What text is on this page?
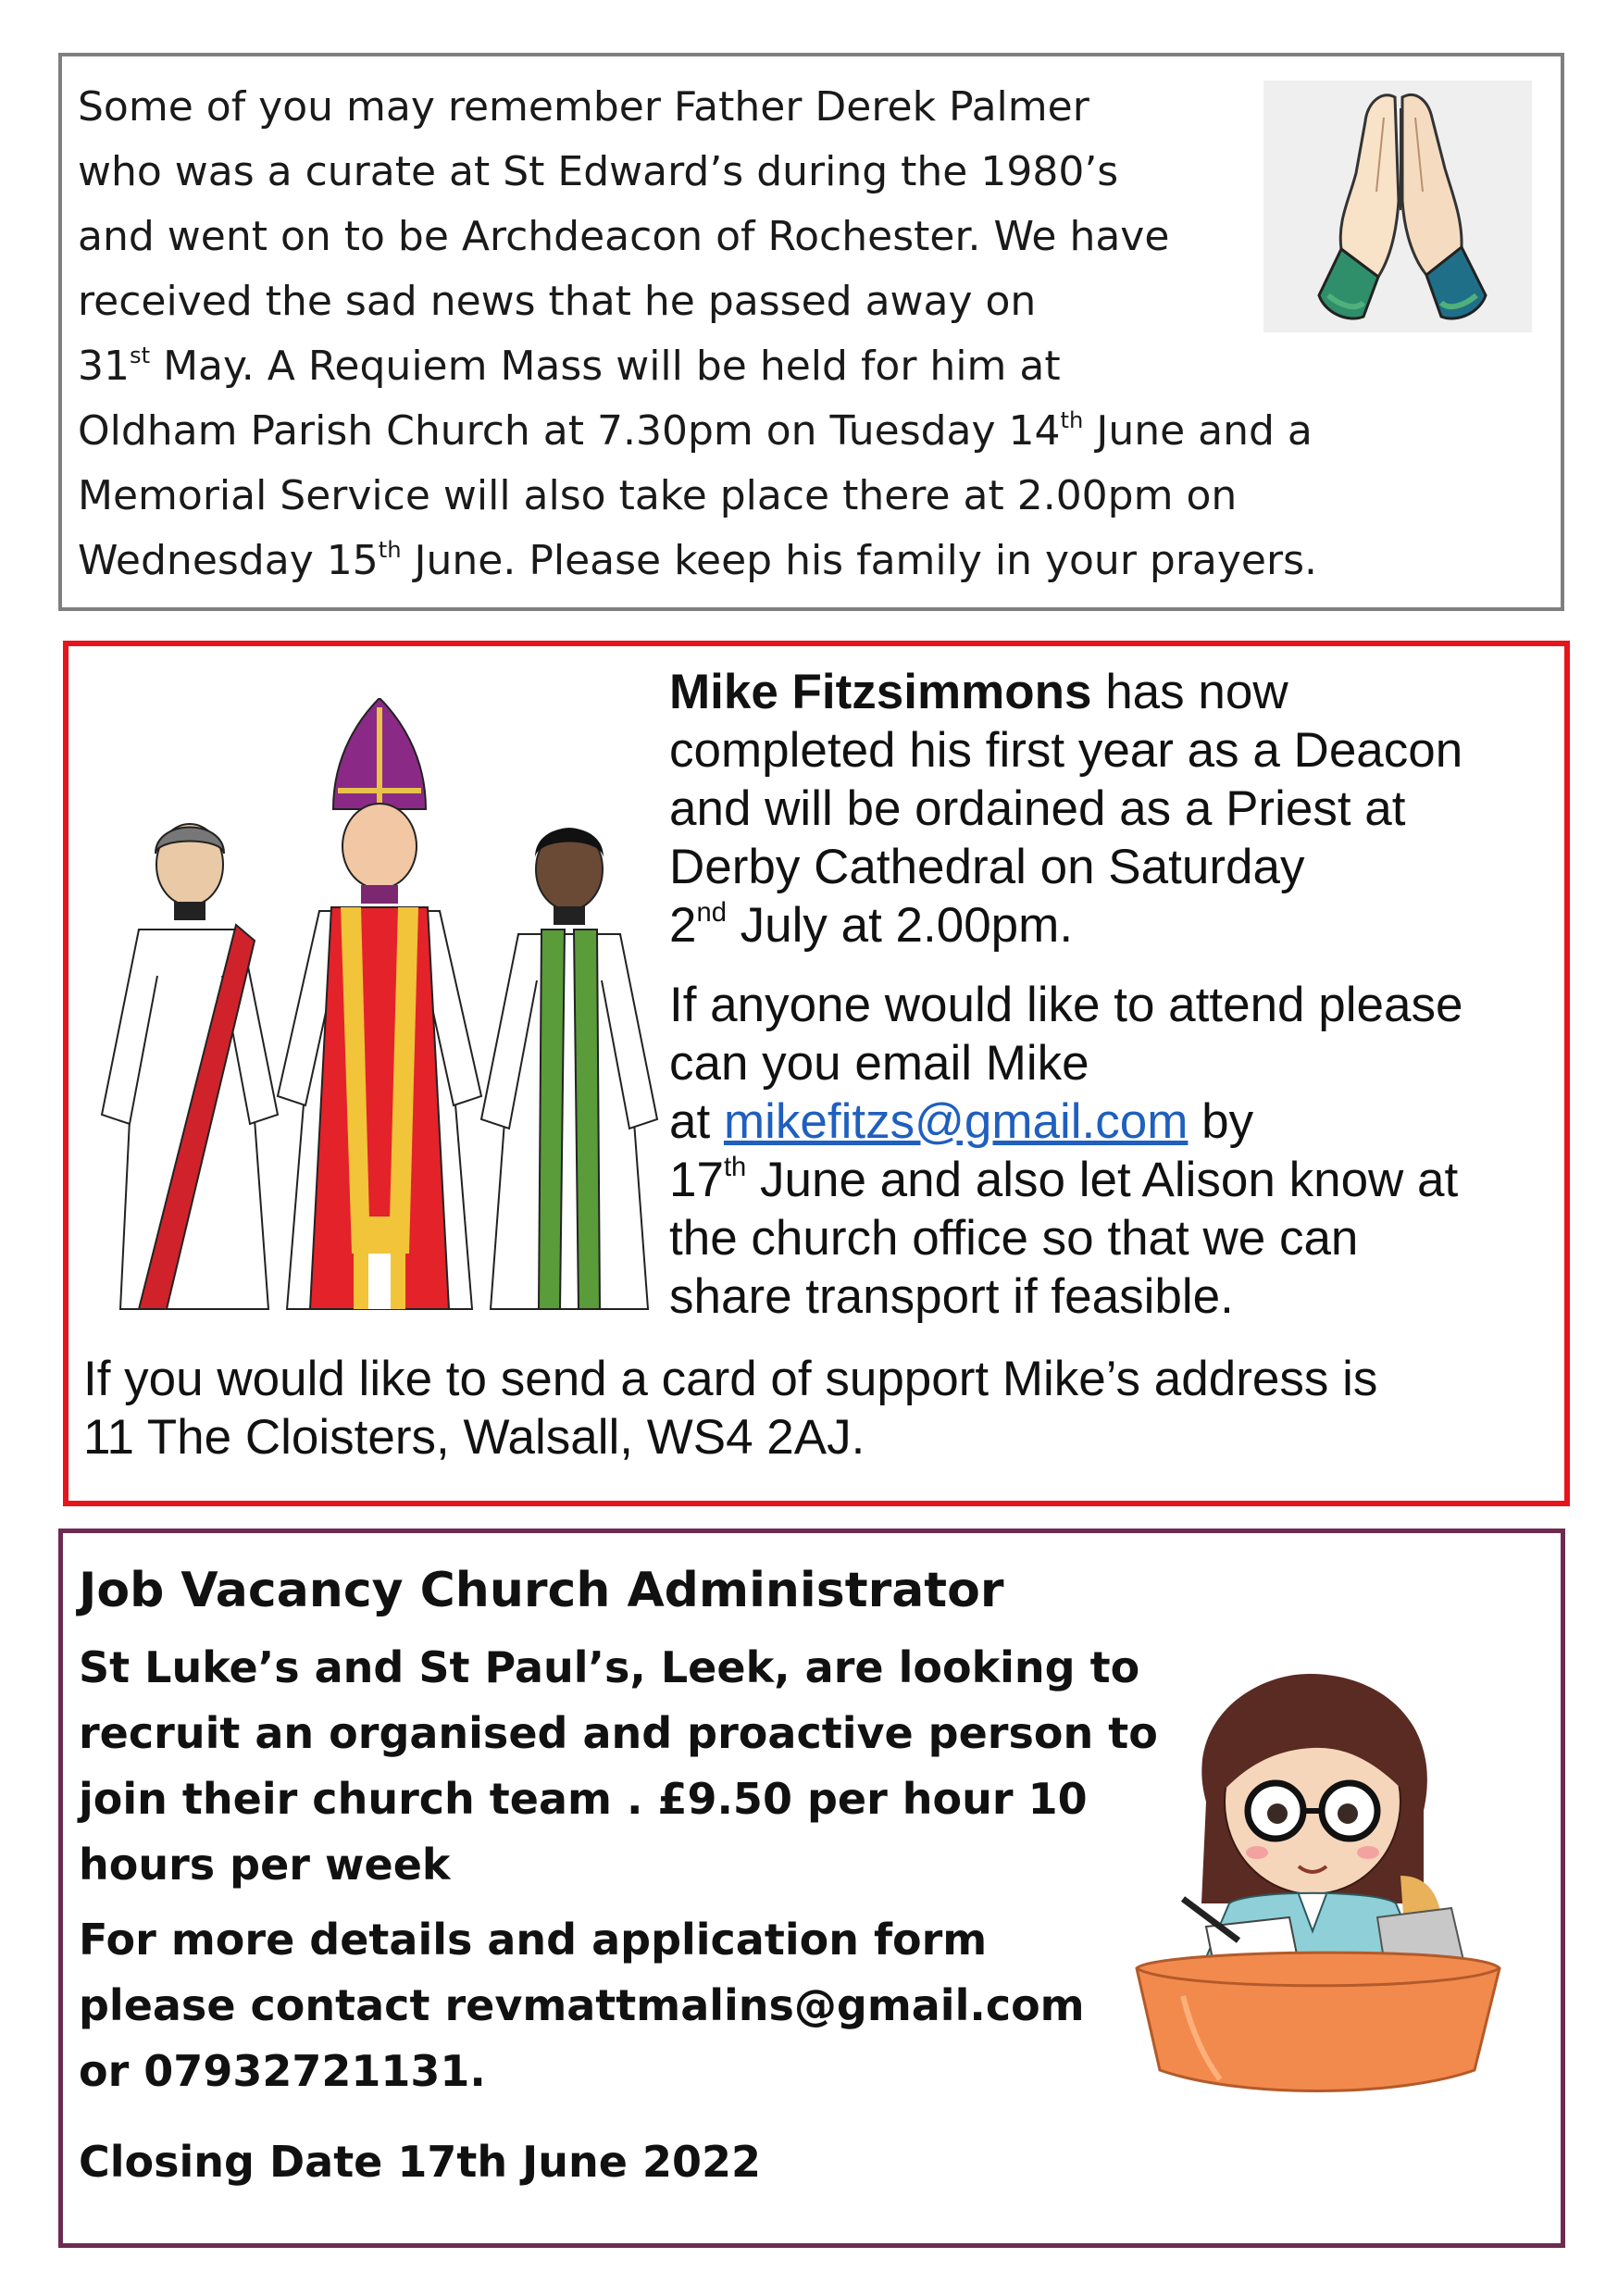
Some of you may remember Father Derek Palmer
who was a curate at St Edward’s during the 1980’s
and went on to be Archdeacon of Rochester. We have
received the sad news that he passed away on
31st May. A Requiem Mass will be held for him at
Oldham Parish Church at 7.30pm on Tuesday 14th June and a
Memorial Service will also take place there at 2.00pm on
Wednesday 15th June. Please keep his family in your prayers.

Mike Fitzsimmons has now
completed his first year as a Deacon
and will be ordained as a Priest at
Derby Cathedral on Saturday
2nd July at 2.00pm.

If anyone would like to attend please
can you email Mike
at mikefitzs@gmail.com by
17th June and also let Alison know at
the church office so that we can
share transport if feasible.

If you would like to send a card of support Mike’s address is
11 The Cloisters, Walsall, WS4 2AJ.

Job Vacancy Church Administrator

St Luke’s and St Paul’s, Leek, are looking to
recruit an organised and proactive person to
join their church team . £9.50 per hour 10
hours per week

For more details and application form
please contact revmattmalins@gmail.com
or 07932721131.

Closing Date 17th June 2022
